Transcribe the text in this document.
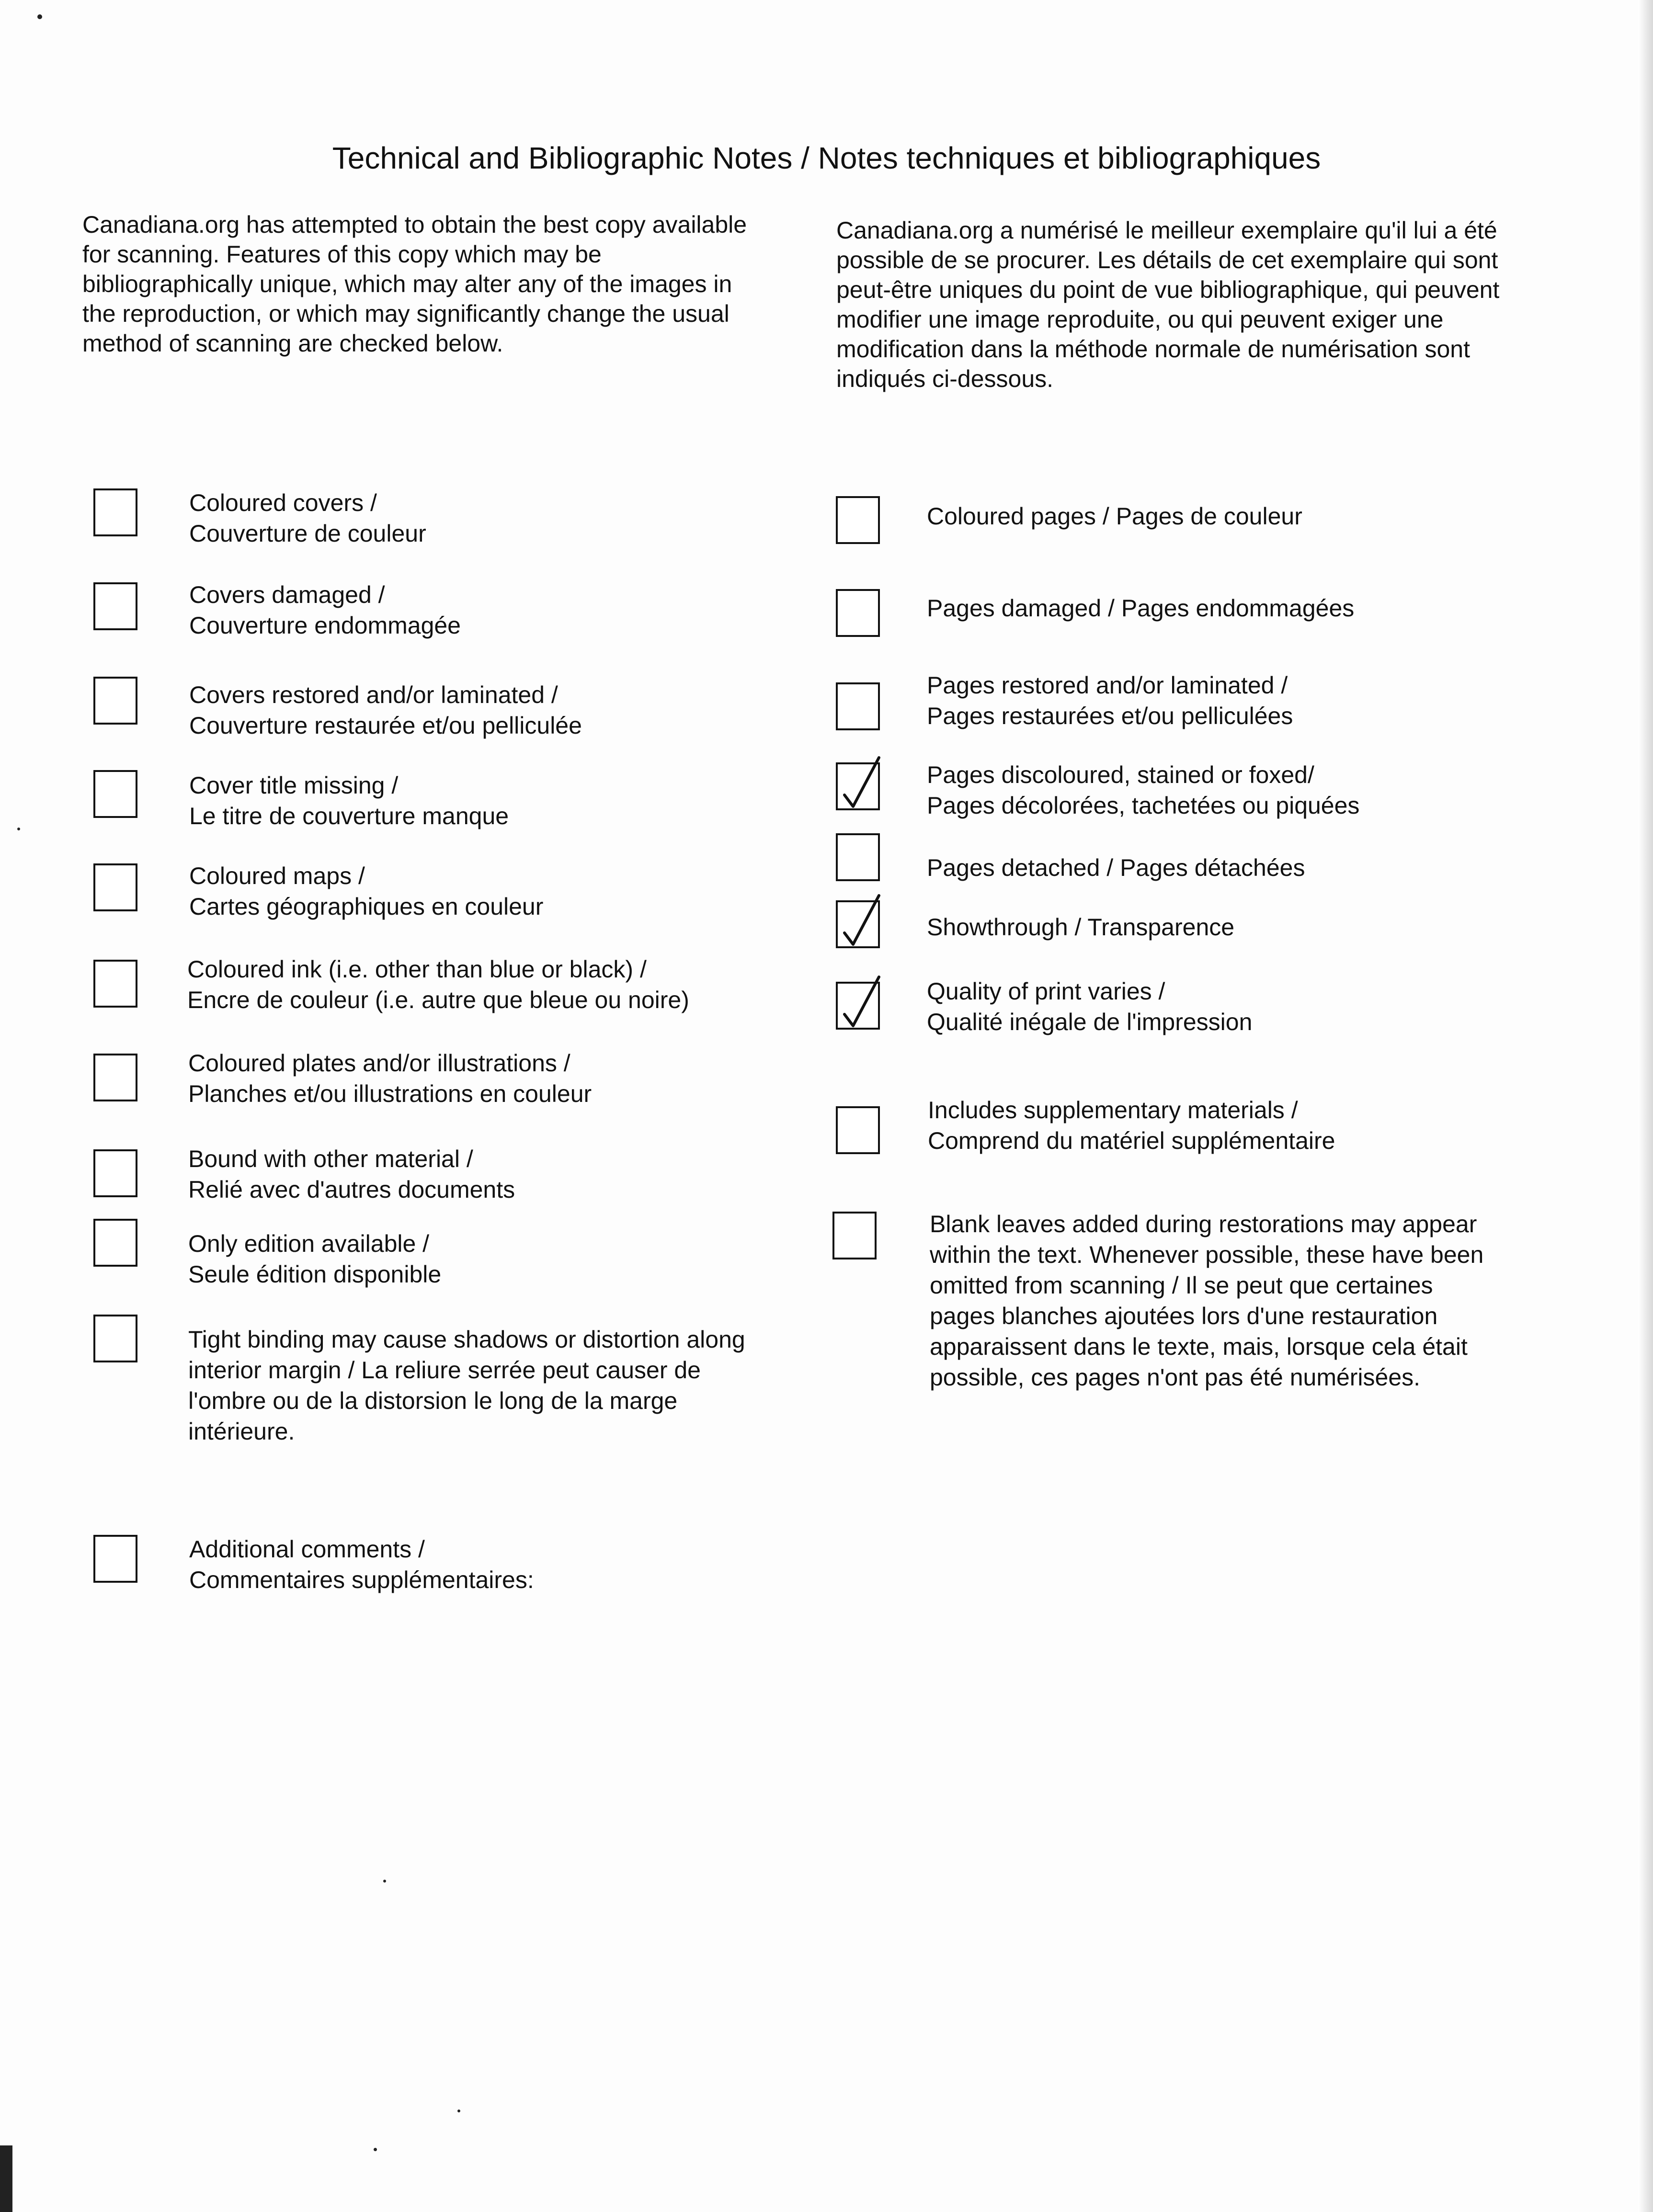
Technical and Bibliographic Notes / Notes techniques et bibliographiques
Canadiana.org has attempted to obtain the best copy available for scanning. Features of this copy which may be bibliographically unique, which may alter any of the images in the reproduction, or which may significantly change the usual method of scanning are checked below.
Canadiana.org a numérisé le meilleur exemplaire qu'il lui a été possible de se procurer. Les détails de cet exemplaire qui sont peut-être uniques du point de vue bibliographique, qui peuvent modifier une image reproduite, ou qui peuvent exiger une modification dans la méthode normale de numérisation sont indiqués ci-dessous.
Coloured covers /
Couverture de couleur
Covers damaged /
Couverture endommagée
Covers restored and/or laminated /
Couverture restaurée et/ou pelliculée
Cover title missing /
Le titre de couverture manque
Coloured maps /
Cartes géographiques en couleur
Coloured ink (i.e. other than blue or black) /
Encre de couleur (i.e. autre que bleue ou noire)
Coloured plates and/or illustrations /
Planches et/ou illustrations en couleur
Bound with other material /
Relié avec d'autres documents
Only edition available /
Seule édition disponible
Tight binding may cause shadows or distortion along interior margin / La reliure serrée peut causer de l'ombre ou de la distorsion le long de la marge intérieure.
Additional comments /
Commentaires supplémentaires:
Coloured pages / Pages de couleur
Pages damaged / Pages endommagées
Pages restored and/or laminated /
Pages restaurées et/ou pelliculées
Pages discoloured, stained or foxed/
Pages décolorées, tachetées ou piquées
Pages detached / Pages détachées
Showthrough / Transparence
Quality of print varies /
Qualité inégale de l'impression
Includes supplementary materials /
Comprend du matériel supplémentaire
Blank leaves added during restorations may appear within the text. Whenever possible, these have been omitted from scanning / Il se peut que certaines pages blanches ajoutées lors d'une restauration apparaissent dans le texte, mais, lorsque cela était possible, ces pages n'ont pas été numérisées.
